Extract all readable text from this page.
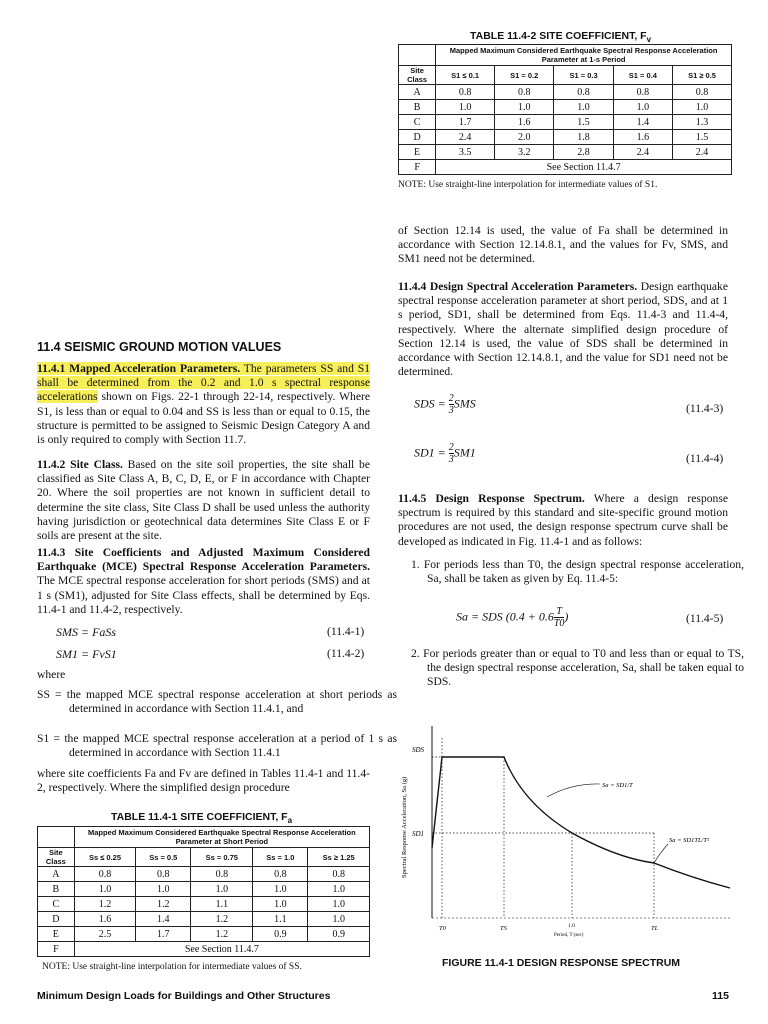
TABLE 11.4-2 SITE COEFFICIENT, $F_v$
	Mapped Maximum Considered Earthquake Spectral Response Acceleration Parameter at 1-s Period				
Site Class	S1 ≤ 0.1	S1 = 0.2	S1 = 0.3	S1 = 0.4	S1 ≥ 0.5
A	0.8	0.8	0.8	0.8	0.8
B	1.0	1.0	1.0	1.0	1.0
C	1.7	1.6	1.5	1.4	1.3
D	2.4	2.0	1.8	1.6	1.5
E	3.5	3.2	2.8	2.4	2.4
F	See Section 11.4.7				
NOTE: Use straight-line interpolation for intermediate values of S1.
11.4 SEISMIC GROUND MOTION VALUES

11.4.1 Mapped Acceleration Parameters. The parameters SS and S1 shall be determined from the 0.2 and 1.0 s spectral response accelerations shown on Figs. 22-1 through 22-14, respectively. Where S1, is less than or equal to 0.04 and SS is less than or equal to 0.15, the structure is permitted to be assigned to Seismic Design Category A and is only required to comply with Section 11.7.

11.4.2 Site Class. Based on the site soil properties, the site shall be classified as Site Class A, B, C, D, E, or F in accordance with Chapter 20. Where the soil properties are not known in sufficient detail to determine the site class, Site Class D shall be used unless the authority having jurisdiction or geotechnical data determines Site Class E or F soils are present at the site.

11.4.3 Site Coefficients and Adjusted Maximum Considered Earthquake (MCE) Spectral Response Acceleration Parameters. The MCE spectral response acceleration for short periods (SMS) and at 1 s (SM1), adjusted for Site Class effects, shall be determined by Eqs. 11.4-1 and 11.4-2, respectively.

SMS = FaSs	(11.4-1)
SM1 = FvS1	(11.4-2)
where

SS = the mapped MCE spectral response acceleration at short periods as determined in accordance with Section 11.4.1, and

S1 = the mapped MCE spectral response acceleration at a period of 1 s as determined in accordance with Section 11.4.1

where site coefficients Fa and Fv are defined in Tables 11.4-1 and 11.4-2, respectively. Where the simplified design procedure

TABLE 11.4-1 SITE COEFFICIENT, $F_a$
	Mapped Maximum Considered Earthquake Spectral Response Acceleration Parameter at Short Period				
Site Class	Ss ≤ 0.25	Ss = 0.5	Ss = 0.75	Ss = 1.0	Ss ≥ 1.25
A	0.8	0.8	0.8	0.8	0.8
B	1.0	1.0	1.0	1.0	1.0
C	1.2	1.2	1.1	1.0	1.0
D	1.6	1.4	1.2	1.1	1.0
E	2.5	1.7	1.2	0.9	0.9
F	See Section 11.4.7				
NOTE: Use straight-line interpolation for intermediate values of SS.

of Section 12.14 is used, the value of Fa shall be determined in accordance with Section 12.14.8.1, and the values for Fv, SMS, and SM1 need not be determined.

11.4.4 Design Spectral Acceleration Parameters. Design earthquake spectral response acceleration parameter at short period, SDS, and at 1 s period, SD1, shall be determined from Eqs. 11.4-3 and 11.4-4, respectively. Where the alternate simplified design procedure of Section 12.14 is used, the value of SDS shall be determined in accordance with Section 12.14.8.1, and the value for SD1 need not be determined.

SDS = $\frac{2}{3}$ SMS	(11.4-3)
$SD1 = \frac{2}{3} SM1$	(11.4-4)

11.4.5 Design Response Spectrum. Where a design response spectrum is required by this standard and site-specific ground motion procedures are not used, the design response spectrum curve shall be developed as indicated in Fig. 11.4-1 and as follows:

1. For periods less than T0, the design spectral response acceleration, Sa, shall be taken as given by Eq. 11.4-5:

Sa = SDS ($0.4 + 0.6 \frac{T}{T0}$ )	(11.4-5)

2. For periods greater than or equal to T0 and less than or equal to TS, the design spectral response acceleration, Sa, shall be taken equal to SDS.

Spectral Response Acceleration, Sa (g)
SDS
SD1
T0	TS	1.0
Period, T (sec)
TL
Sa = SD1/T
Sa = SD1TL/T²
FIGURE 11.4-1 DESIGN RESPONSE SPECTRUM
Minimum Design Loads for Buildings and Other Structures	115
